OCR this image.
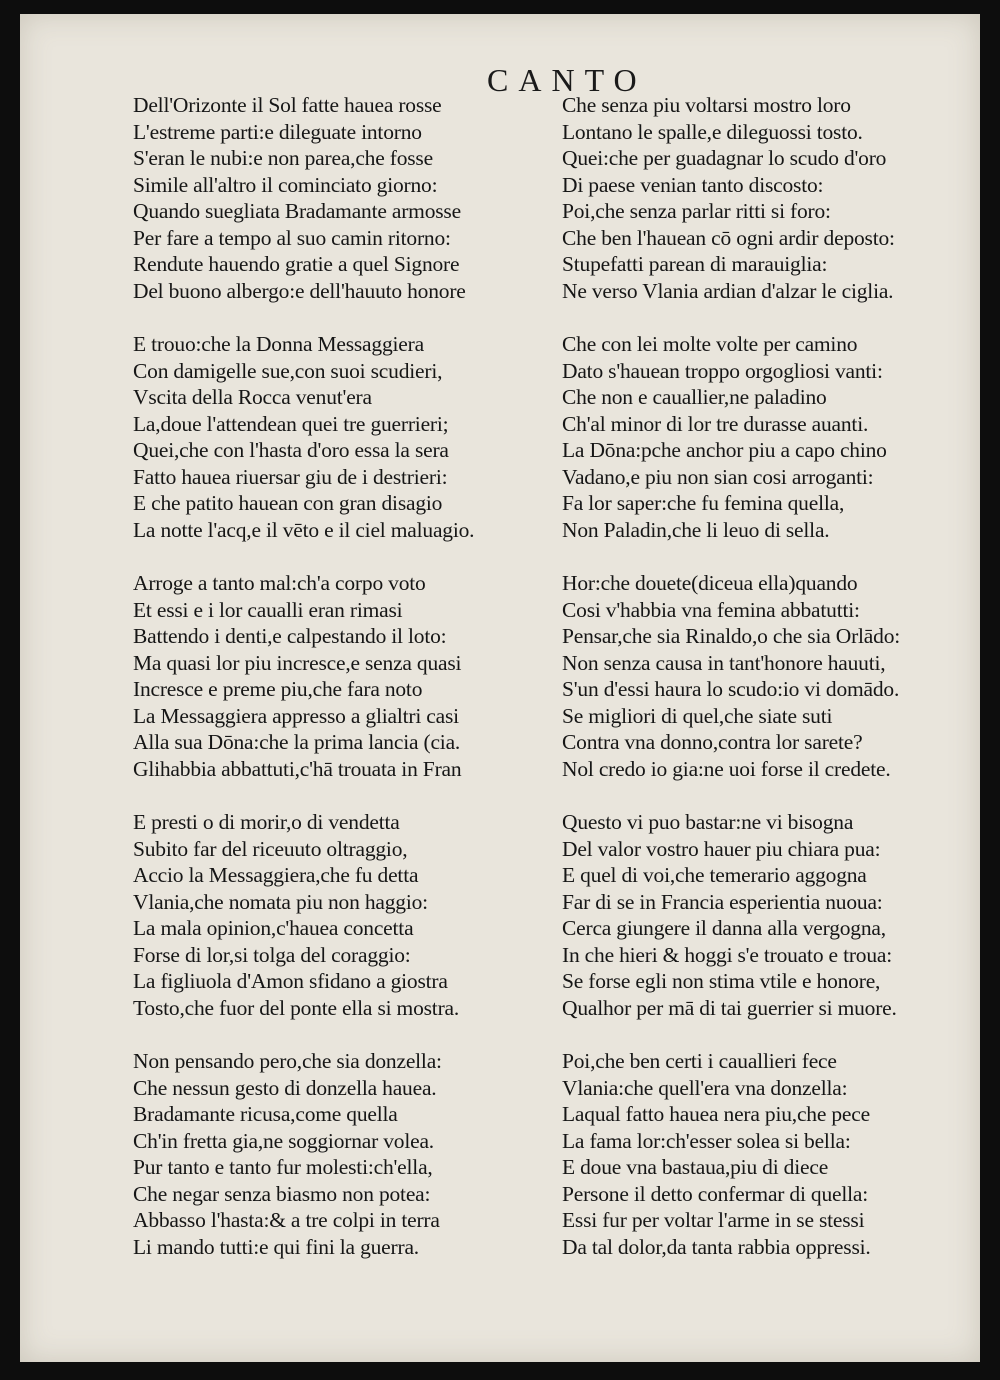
CANTO
Dell'Orizonte il Sol fatte hauea rosse
L'estreme parti:e dileguate intorno
S'eran le nubi:e non parea,che fosse
Simile all'altro il cominciato giorno:
Quando suegliata Bradamante armosse
Per fare a tempo al suo camin ritorno:
Rendute hauendo gratie a quel Signore
Del buono albergo:e dell'hauuto honore
E trouo:che la Donna Messaggiera
Con damigelle sue,con suoi scudieri,
Vscita della Rocca venut'era
La,doue l'attendean quei tre guerrieri;
Quei,che con l'hasta d'oro essa la sera
Fatto hauea riuersar giu de i destrieri:
E che patito hauean con gran disagio
La notte l'acq,e il vēto e il ciel maluagio.
Arroge a tanto mal:ch'a corpo voto
Et essi e i lor caualli eran rimasi
Battendo i denti,e calpestando il loto:
Ma quasi lor piu incresce,e senza quasi
Incresce e preme piu,che fara noto
La Messaggiera appresso a glialtri casi
Alla sua Dōna:che la prima lancia (cia.
Glihabbia abbattuti,c'hā trouata in Fran
E presti o di morir,o di vendetta
Subito far del riceuuto oltraggio,
Accio la Messaggiera,che fu detta
Vlania,che nomata piu non haggio:
La mala opinion,c'hauea concetta
Forse di lor,si tolga del coraggio:
La figliuola d'Amon sfidano a giostra
Tosto,che fuor del ponte ella si mostra.
Non pensando pero,che sia donzella:
Che nessun gesto di donzella hauea.
Bradamante ricusa,come quella
Ch'in fretta gia,ne soggiornar volea.
Pur tanto e tanto fur molesti:ch'ella,
Che negar senza biasmo non potea:
Abbasso l'hasta:& a tre colpi in terra
Li mando tutti:e qui fini la guerra.
Che senza piu voltarsi mostro loro
Lontano le spalle,e dileguossi tosto.
Quei:che per guadagnar lo scudo d'oro
Di paese venian tanto discosto:
Poi,che senza parlar ritti si foro:
Che ben l'hauean cō ogni ardir deposto:
Stupefatti parean di marauiglia:
Ne verso Vlania ardian d'alzar le ciglia.
Che con lei molte volte per camino
Dato s'hauean troppo orgogliosi vanti:
Che non e cauallier,ne paladino
Ch'al minor di lor tre durasse auanti.
La Dōna:pche anchor piu a capo chino
Vadano,e piu non sian cosi arroganti:
Fa lor saper:che fu femina quella,
Non Paladin,che li leuo di sella.
Hor:che douete(diceua ella)quando
Cosi v'habbia vna femina abbatutti:
Pensar,che sia Rinaldo,o che sia Orlādo:
Non senza causa in tant'honore hauuti,
S'un d'essi haura lo scudo:io vi domādo.
Se migliori di quel,che siate suti
Contra vna donno,contra lor sarete?
Nol credo io gia:ne uoi forse il credete.
Questo vi puo bastar:ne vi bisogna
Del valor vostro hauer piu chiara pua:
E quel di voi,che temerario aggogna
Far di se in Francia esperientia nuoua:
Cerca giungere il danna alla vergogna,
In che hieri & hoggi s'e trouato e troua:
Se forse egli non stima vtile e honore,
Qualhor per mā di tai guerrier si muore.
Poi,che ben certi i cauallieri fece
Vlania:che quell'era vna donzella:
Laqual fatto hauea nera piu,che pece
La fama lor:ch'esser solea si bella:
E doue vna bastaua,piu di diece
Persone il detto confermar di quella:
Essi fur per voltar l'arme in se stessi
Da tal dolor,da tanta rabbia oppressi.
